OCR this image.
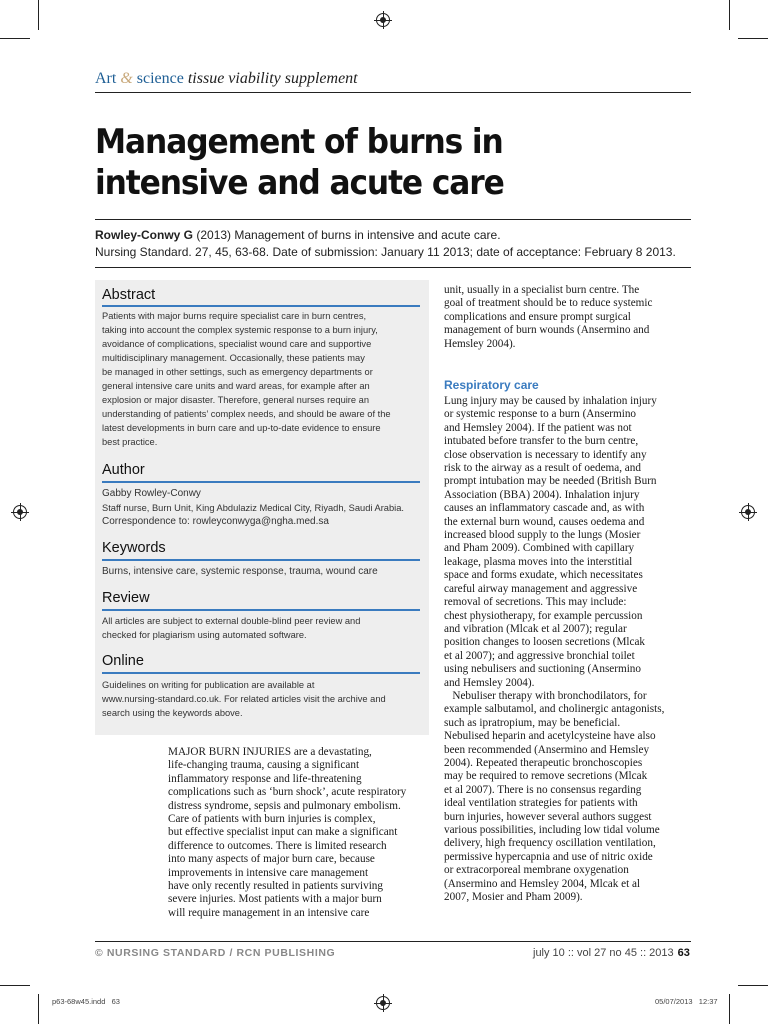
Art & science tissue viability supplement
Management of burns in
intensive and acute care
Rowley-Conwy G (2013) Management of burns in intensive and acute care.
Nursing Standard. 27, 45, 63-68. Date of submission: January 11 2013; date of acceptance: February 8 2013.
Abstract
Patients with major burns require specialist care in burn centres,
taking into account the complex systemic response to a burn injury,
avoidance of complications, specialist wound care and supportive
multidisciplinary management. Occasionally, these patients may
be managed in other settings, such as emergency departments or
general intensive care units and ward areas, for example after an
explosion or major disaster. Therefore, general nurses require an
understanding of patients’ complex needs, and should be aware of the
latest developments in burn care and up-to-date evidence to ensure
best practice.
Author
Gabby Rowley-Conwy
Staff nurse, Burn Unit, King Abdulaziz Medical City, Riyadh, Saudi Arabia.
Correspondence to: rowleyconwyga@ngha.med.sa
Keywords
Burns, intensive care, systemic response, trauma, wound care
Review
All articles are subject to external double-blind peer review and
checked for plagiarism using automated software.
Online
Guidelines on writing for publication are available at
www.nursing-standard.co.uk. For related articles visit the archive and
search using the keywords above.
MAJOR BURN INJURIES are a devastating,
life-changing trauma, causing a significant
inflammatory response and life-threatening
complications such as ‘burn shock’, acute respiratory
distress syndrome, sepsis and pulmonary embolism.
Care of patients with burn injuries is complex,
but effective specialist input can make a significant
difference to outcomes. There is limited research
into many aspects of major burn care, because
improvements in intensive care management
have only recently resulted in patients surviving
severe injuries. Most patients with a major burn
will require management in an intensive care
unit, usually in a specialist burn centre. The
goal of treatment should be to reduce systemic
complications and ensure prompt surgical
management of burn wounds (Ansermino and
Hemsley 2004).
Respiratory care
Lung injury may be caused by inhalation injury
or systemic response to a burn (Ansermino
and Hemsley 2004). If the patient was not
intubated before transfer to the burn centre,
close observation is necessary to identify any
risk to the airway as a result of oedema, and
prompt intubation may be needed (British Burn
Association (BBA) 2004). Inhalation injury
causes an inflammatory cascade and, as with
the external burn wound, causes oedema and
increased blood supply to the lungs (Mosier
and Pham 2009). Combined with capillary
leakage, plasma moves into the interstitial
space and forms exudate, which necessitates
careful airway management and aggressive
removal of secretions. This may include:
chest physiotherapy, for example percussion
and vibration (Mlcak et al 2007); regular
position changes to loosen secretions (Mlcak
et al 2007); and aggressive bronchial toilet
using nebulisers and suctioning (Ansermino
and Hemsley 2004).
Nebuliser therapy with bronchodilators, for
example salbutamol, and cholinergic antagonists,
such as ipratropium, may be beneficial.
Nebulised heparin and acetylcysteine have also
been recommended (Ansermino and Hemsley
2004). Repeated therapeutic bronchoscopies
may be required to remove secretions (Mlcak
et al 2007). There is no consensus regarding
ideal ventilation strategies for patients with
burn injuries, however several authors suggest
various possibilities, including low tidal volume
delivery, high frequency oscillation ventilation,
permissive hypercapnia and use of nitric oxide
or extracorporeal membrane oxygenation
(Ansermino and Hemsley 2004, Mlcak et al
2007, Mosier and Pham 2009).
© NURSING STANDARD / RCN PUBLISHING	july 10 :: vol 27 no 45 :: 2013 63
p63-68w45.indd   63	05/07/2013   12:37
